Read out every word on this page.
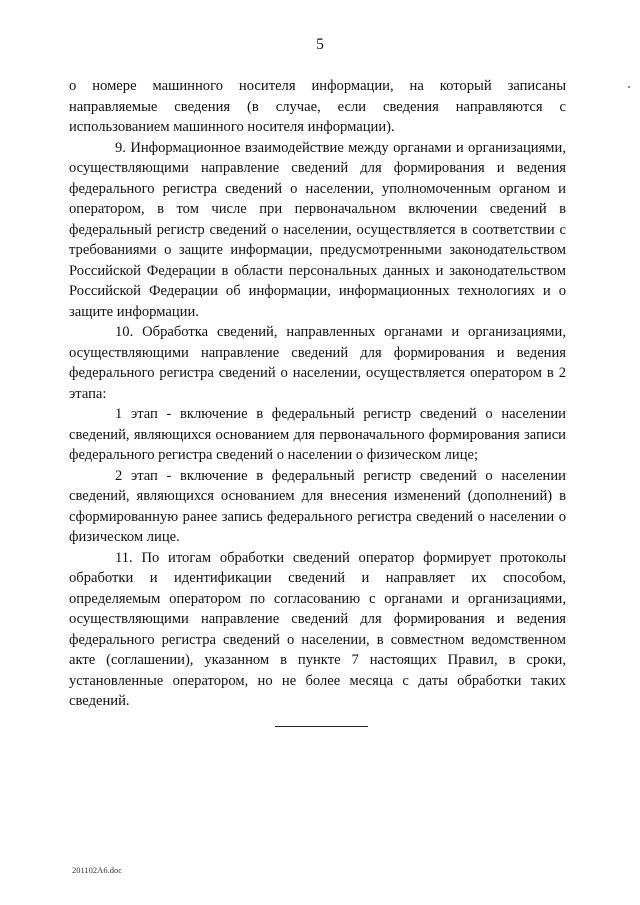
5

о номере машинного носителя информации, на который записаны направляемые сведения (в случае, если сведения направляются с использованием машинного носителя информации).

9. Информационное взаимодействие между органами и организациями, осуществляющими направление сведений для формирования и ведения федерального регистра сведений о населении, уполномоченным органом и оператором, в том числе при первоначальном включении сведений в федеральный регистр сведений о населении, осуществляется в соответствии с требованиями о защите информации, предусмотренными законодательством Российской Федерации в области персональных данных и законодательством Российской Федерации об информации, информационных технологиях и о защите информации.

10. Обработка сведений, направленных органами и организациями, осуществляющими направление сведений для формирования и ведения федерального регистра сведений о населении, осуществляется оператором в 2 этапа:

1 этап - включение в федеральный регистр сведений о населении сведений, являющихся основанием для первоначального формирования записи федерального регистра сведений о населении о физическом лице;

2 этап - включение в федеральный регистр сведений о населении сведений, являющихся основанием для внесения изменений (дополнений) в сформированную ранее запись федерального регистра сведений о населении о физическом лице.

11. По итогам обработки сведений оператор формирует протоколы обработки и идентификации сведений и направляет их способом, определяемым оператором по согласованию с органами и организациями, осуществляющими направление сведений для формирования и ведения федерального регистра сведений о населении, в совместном ведомственном акте (соглашении), указанном в пункте 7 настоящих Правил, в сроки, установленные оператором, но не более месяца с даты обработки таких сведений.

201102A6.doc
